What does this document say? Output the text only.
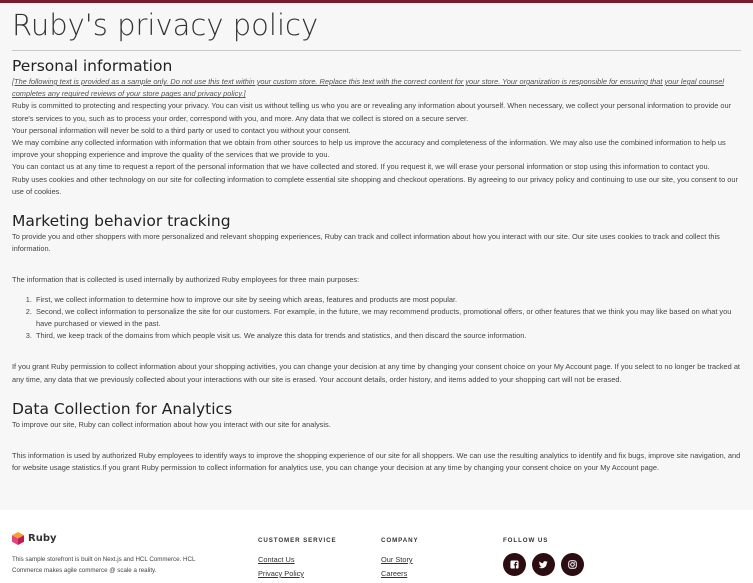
Ruby's privacy policy
Personal information

[The following text is provided as a sample only. Do not use this text within your custom store. Replace this text with the correct content for your store. Your organization is responsible for ensuring that your legal counsel completes any required reviews of your store pages and privacy policy.]

Ruby is committed to protecting and respecting your privacy. You can visit us without telling us who you are or revealing any information about yourself. When necessary, we collect your personal information to provide our store's services to you, such as to process your order, correspond with you, and more. Any data that we collect is stored on a secure server.

Your personal information will never be sold to a third party or used to contact you without your consent.

We may combine any collected information with information that we obtain from other sources to help us improve the accuracy and completeness of the information. We may also use the combined information to help us improve your shopping experience and improve the quality of the services that we provide to you.

You can contact us at any time to request a report of the personal information that we have collected and stored. If you request it, we will erase your personal information or stop using this information to contact you.

Ruby uses cookies and other technology on our site for collecting information to complete essential site shopping and checkout operations. By agreeing to our privacy policy and continuing to use our site, you consent to our use of cookies.

Marketing behavior tracking

To provide you and other shoppers with more personalized and relevant shopping experiences, Ruby can track and collect information about how you interact with our site. Our site uses cookies to track and collect this information.

The information that is collected is used internally by authorized Ruby employees for three main purposes:

1. First, we collect information to determine how to improve our site by seeing which areas, features and products are most popular.
2. Second, we collect information to personalize the site for our customers. For example, in the future, we may recommend products, promotional offers, or other features that we think you may like based on what you have purchased or viewed in the past.
3. Third, we keep track of the domains from which people visit us. We analyze this data for trends and statistics, and then discard the source information.

If you grant Ruby permission to collect information about your shopping activities, you can change your decision at any time by changing your consent choice on your My Account page. If you select to no longer be tracked at any time, any data that we previously collected about your interactions with our site is erased. Your account details, order history, and items added to your shopping cart will not be erased.

Data Collection for Analytics

To improve our site, Ruby can collect information about how you interact with our site for analysis.

This information is used by authorized Ruby employees to identify ways to improve the shopping experience of our site for all shoppers. We can use the resulting analytics to identify and fix bugs, improve site navigation, and for website usage statistics.If you grant Ruby permission to collect information for analytics use, you can change your decision at any time by changing your consent choice on your My Account page.

Ruby
This sample storefront is built on Next.js and HCL Commerce. HCL Commerce makes agile commerce @ scale a reality.
CUSTOMER SERVICE
Contact Us
Privacy Policy
COMPANY
Our Story
Careers
FOLLOW US
